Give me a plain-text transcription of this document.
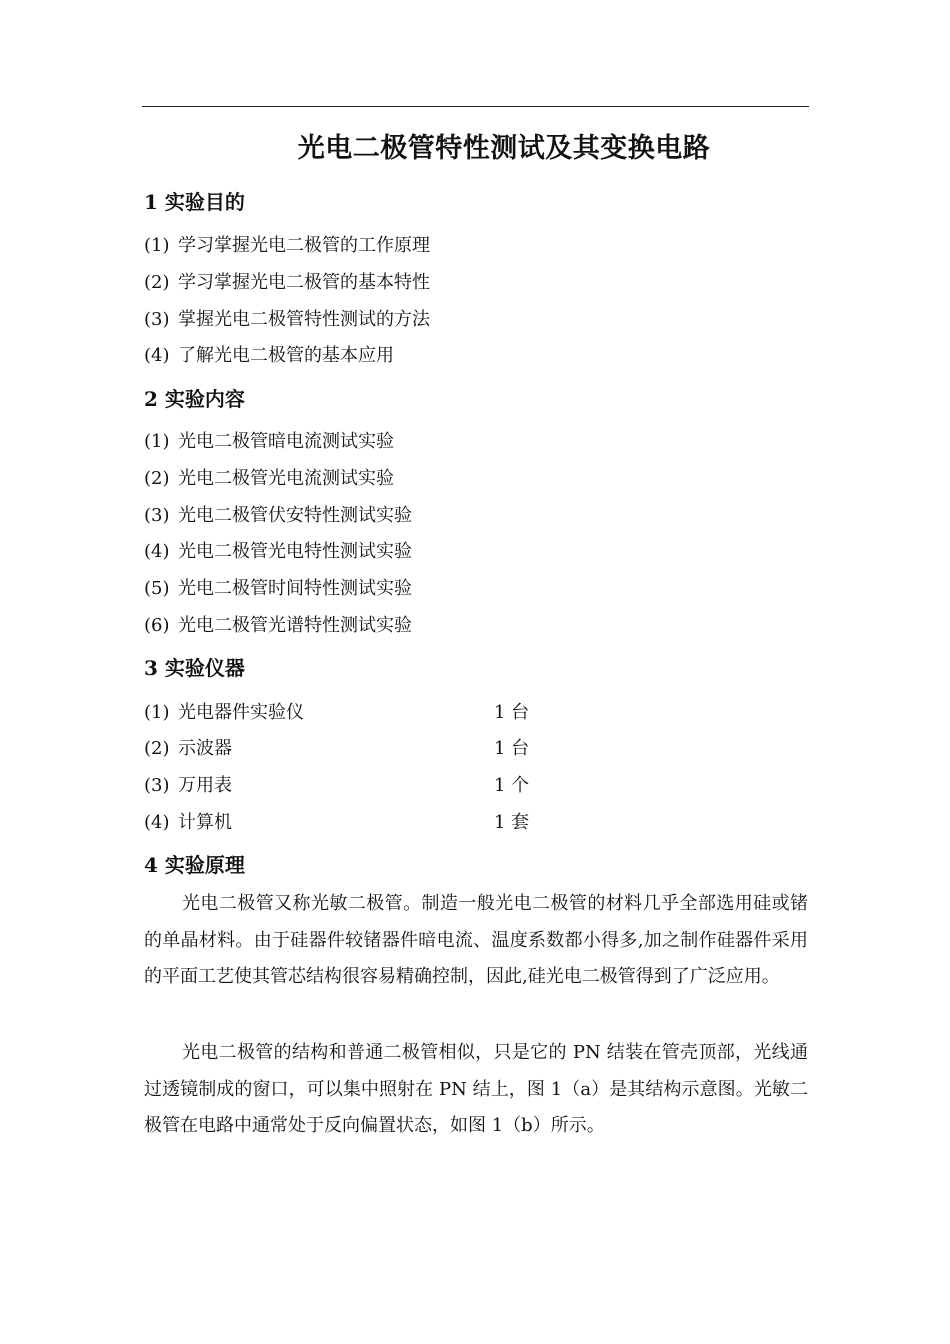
光电二极管特性测试及其变换电路
1 实验目的
(1) 学习掌握光电二极管的工作原理
(2) 学习掌握光电二极管的基本特性
(3) 掌握光电二极管特性测试的方法
(4) 了解光电二极管的基本应用
2 实验内容
(1) 光电二极管暗电流测试实验
(2) 光电二极管光电流测试实验
(3) 光电二极管伏安特性测试实验
(4) 光电二极管光电特性测试实验
(5) 光电二极管时间特性测试实验
(6) 光电二极管光谱特性测试实验
3 实验仪器
(1) 光电器件实验仪	1 台
(2) 示波器	1 台
(3) 万用表	1 个
(4) 计算机	1 套
4 实验原理

光电二极管又称光敏二极管。制造一般光电二极管的材料几乎全部选用硅或锗的单晶材料。由于硅器件较锗器件暗电流、温度系数都小得多,加之制作硅器件采用的平面工艺使其管芯结构很容易精确控制，因此,硅光电二极管得到了广泛应用。

光电二极管的结构和普通二极管相似，只是它的 PN 结装在管壳顶部，光线通过透镜制成的窗口，可以集中照射在 PN 结上，图 1（a）是其结构示意图。光敏二极管在电路中通常处于反向偏置状态，如图 1（b）所示。
